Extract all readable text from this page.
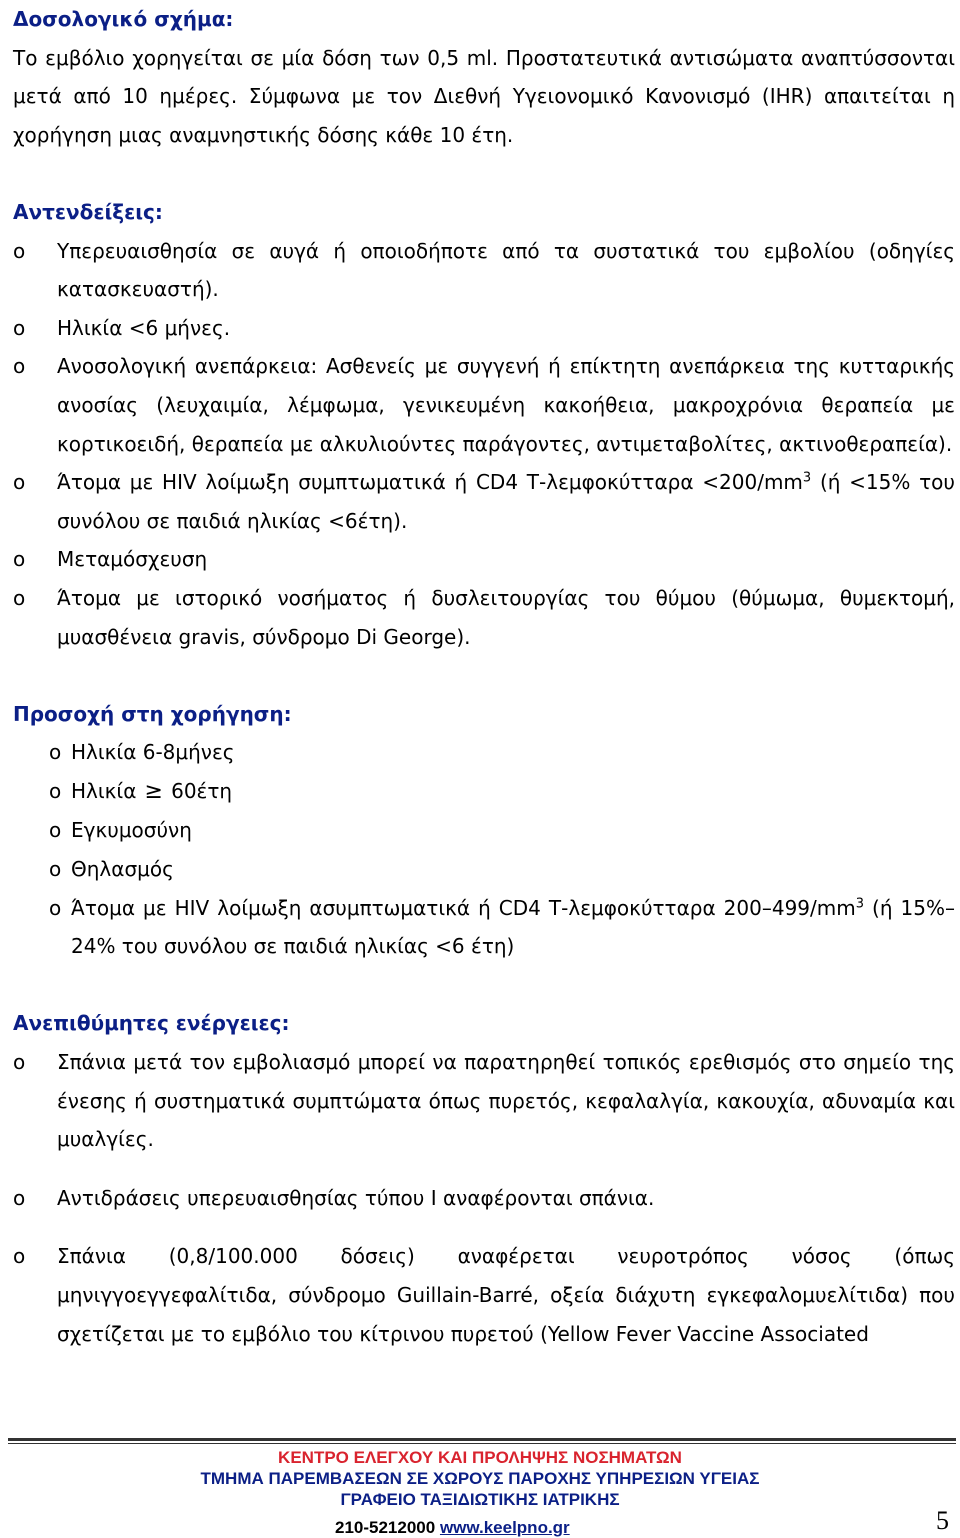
Δοσολογικό σχήμα:
Το εμβόλιο χορηγείται σε μία δόση των 0,5 ml. Προστατευτικά αντισώματα αναπτύσσονται μετά από 10 ημέρες. Σύμφωνα με τον Διεθνή Υγειονομικό Κανονισμό (IHR) απαιτείται η χορήγηση μιας αναμνηστικής δόσης κάθε 10 έτη.
Αντενδείξεις:
o Υπερευαισθησία σε αυγά ή οποιοδήποτε από τα συστατικά του εμβολίου (οδηγίες κατασκευαστή).
o Ηλικία <6 μήνες.
o Ανοσολογική ανεπάρκεια: Ασθενείς με συγγενή ή επίκτητη ανεπάρκεια της κυτταρικής ανοσίας (λευχαιμία, λέμφωμα, γενικευμένη κακοήθεια, μακροχρόνια θεραπεία με κορτικοειδή, θεραπεία με αλκυλιούντες παράγοντες, αντιμεταβολίτες, ακτινοθεραπεία).
o Άτομα με HIV λοίμωξη συμπτωματικά ή CD4 $T-\lambda\varepsilon\mu\varphi o\kappa ύ\tau\tau\alpha\rho\alpha <200/mm^3$ (ή <15% του συνόλου σε παιδιά ηλικίας <6έτη).
o Μεταμόσχευση
o Άτομα με ιστορικό νοσήματος ή δυσλειτουργίας του θύμου (θύμωμα, θυμεκτομή, μυασθένεια gravis, σύνδρομο Di George).
Προσοχή στη χορήγηση:
o Ηλικία 6-8μήνες
o Ηλικία ≥ 60έτη
o Εγκυμοσύνη
o Θηλασμός
o Άτομα με HIV λοίμωξη ασυμπτωματικά ή CD4 Τ-λεμφοκύτταρα $200-499/mm^3$ (ή 15%–24% του συνόλου σε παιδιά ηλικίας <6 έτη)
Ανεπιθύμητες ενέργειες:
o Σπάνια μετά τον εμβολιασμό μπορεί να παρατηρηθεί τοπικός ερεθισμός στο σημείο της ένεσης ή συστηματικά συμπτώματα όπως πυρετός, κεφαλαλγία, κακουχία, αδυναμία και μυαλγίες.
o Αντιδράσεις υπερευαισθησίας τύπου I αναφέρονται σπάνια.
o Σπάνια (0,8/100.000 δόσεις) αναφέρεται νευροτρόπος νόσος (όπως μηνιγγοεγγεφαλίτιδα, σύνδρομο Guillain-Barré, οξεία διάχυτη εγκεφαλομυελίτιδα) που σχετίζεται με το εμβόλιο του κίτρινου πυρετού (Yellow Fever Vaccine Associated
ΚΕΝΤΡΟ ΕΛΕΓΧΟΥ ΚΑΙ ΠΡΟΛΗΨΗΣ ΝΟΣΗΜΑΤΩΝ
ΤΜΗΜΑ ΠΑΡΕΜΒΑΣΕΩΝ ΣΕ ΧΩΡΟΥΣ ΠΑΡΟΧΗΣ ΥΠΗΡΕΣΙΩΝ ΥΓΕΙΑΣ
ΓΡΑΦΕΙΟ ΤΑΞΙΔΙΩΤΙΚΗΣ ΙΑΤΡΙΚΗΣ
210-5212000 www.keelpno.gr	5
